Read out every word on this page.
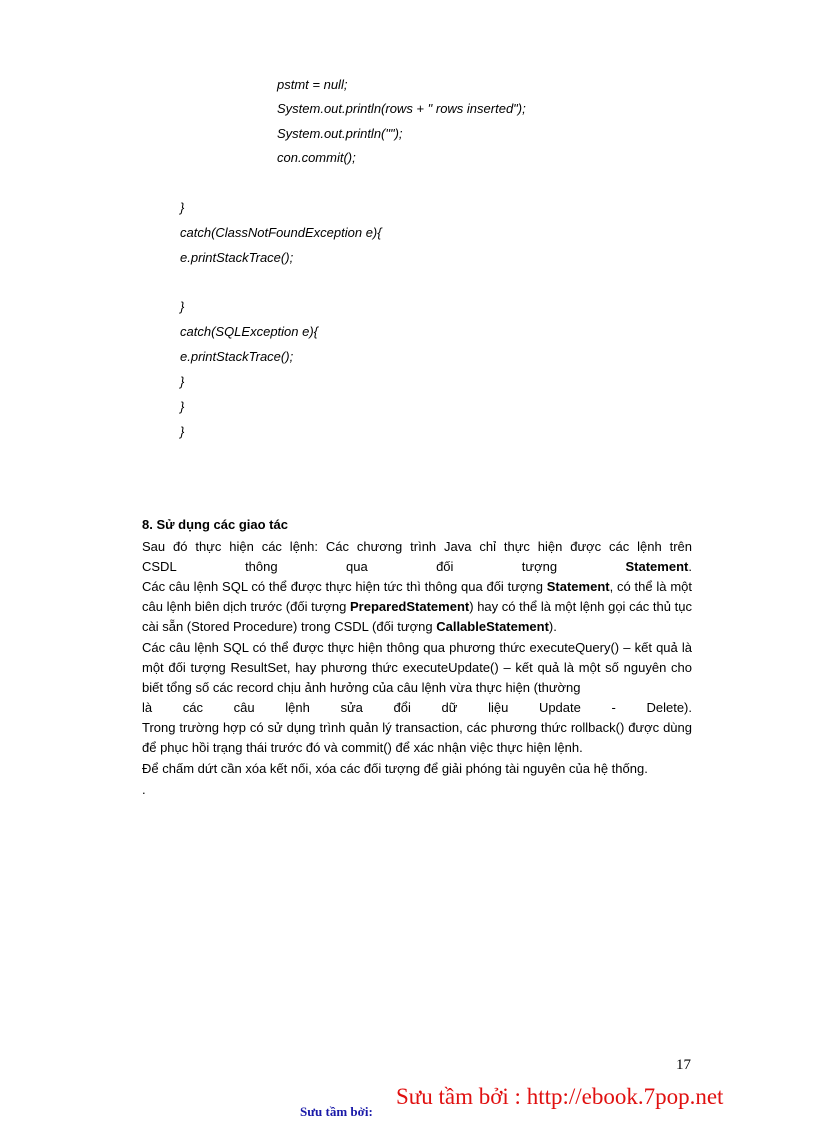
pstmt = null;
System.out.println(rows + " rows inserted");
System.out.println("");
con.commit();
}
catch(ClassNotFoundException e){
e.printStackTrace();
}
catch(SQLException e){
e.printStackTrace();
}
}
}
8. Sử dụng các giao tác
Sau đó thực hiện các lệnh: Các chương trình Java chỉ thực hiện được các lệnh trên
CSDL	thông	qua	đối	tượng	Statement.
Các câu lệnh SQL có thể được thực hiện tức thì thông qua đối tượng Statement, có thể là một câu lệnh biên dịch trước (đối tượng PreparedStatement) hay có thể là một lệnh gọi các thủ tục cài sẵn (Stored Procedure) trong CSDL (đối tượng CallableStatement).
Các câu lệnh SQL có thể được thực hiện thông qua phương thức executeQuery() – kết quả là một đối tượng ResultSet, hay phương thức executeUpdate() – kết quả là một số nguyên cho biết tổng số các record chịu ảnh hưởng của câu lệnh vừa thực hiện (thường
là các câu lệnh sửa đổi dữ liệu Update - Delete).
Trong trường hợp có sử dụng trình quản lý transaction, các phương thức rollback() được dùng để phục hồi trạng thái trước đó và commit() để xác nhận việc thực hiện lệnh.
Để chấm dứt cần xóa kết nối, xóa các đối tượng để giải phóng tài nguyên của hệ thống.
.
17
Sưu tầm bởi:
Sưu tầm bởi : http://ebook.7pop.net
